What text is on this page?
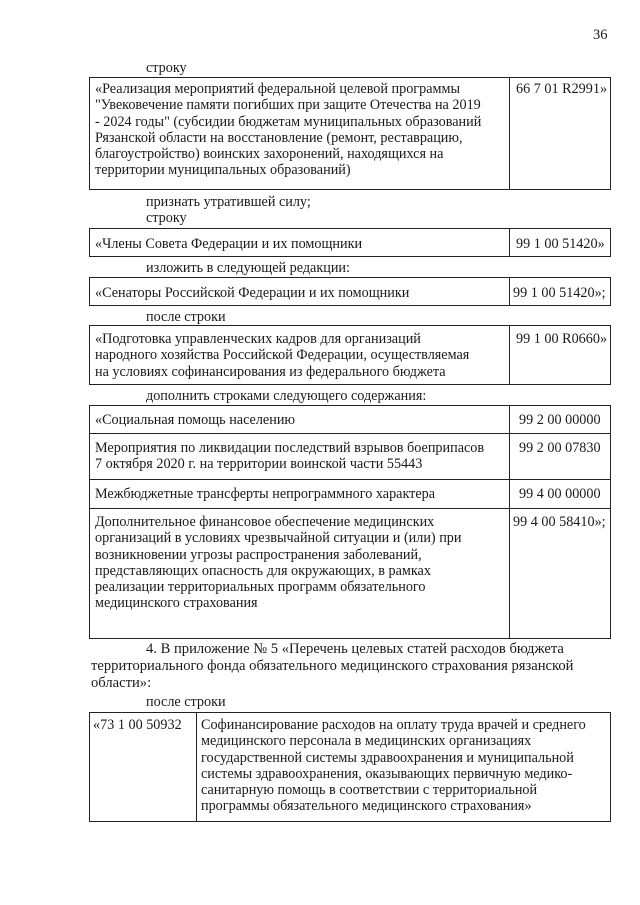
36
строку
«Реализация мероприятий федеральной целевой программы
"Увековечение памяти погибших при защите Отечества на 2019
- 2024 годы" (субсидии бюджетам муниципальных образований
Рязанской области на восстановление (ремонт, реставрацию,
благоустройство) воинских захоронений, находящихся на
территории муниципальных образований)
66 7 01 R2991»
признать утратившей силу;
строку
«Члены Совета Федерации и их помощники	99 1 00 51420»
изложить в следующей редакции:
«Сенаторы Российской Федерации и их помощники	99 1 00 51420»;
после строки
«Подготовка управленческих кадров для организаций
народного хозяйства Российской Федерации, осуществляемая
на условиях софинансирования из федерального бюджета
99 1 00 R0660»
дополнить строками следующего содержания:
«Социальная помощь населению	99 2 00 00000
Мероприятия по ликвидации последствий взрывов боеприпасов
7 октября 2020 г. на территории воинской части 55443
99 2 00 07830
Межбюджетные трансферты непрограммного характера	99 4 00 00000
Дополнительное финансовое обеспечение медицинских
организаций в условиях чрезвычайной ситуации и (или) при
возникновении угрозы распространения заболеваний,
представляющих опасность для окружающих, в рамках
реализации территориальных программ обязательного
медицинского страхования
99 4 00 58410»;
4. В приложение № 5 «Перечень целевых статей расходов бюджета
территориального фонда обязательного медицинского страхования рязанской
области»:
после строки
«73 1 00 50932 Софинансирование расходов на оплату труда врачей и среднего
медицинского персонала в медицинских организациях
государственной системы здравоохранения и муниципальной
системы здравоохранения, оказывающих первичную медико-
санитарную помощь в соответствии с территориальной
программы обязательного медицинского страхования»
